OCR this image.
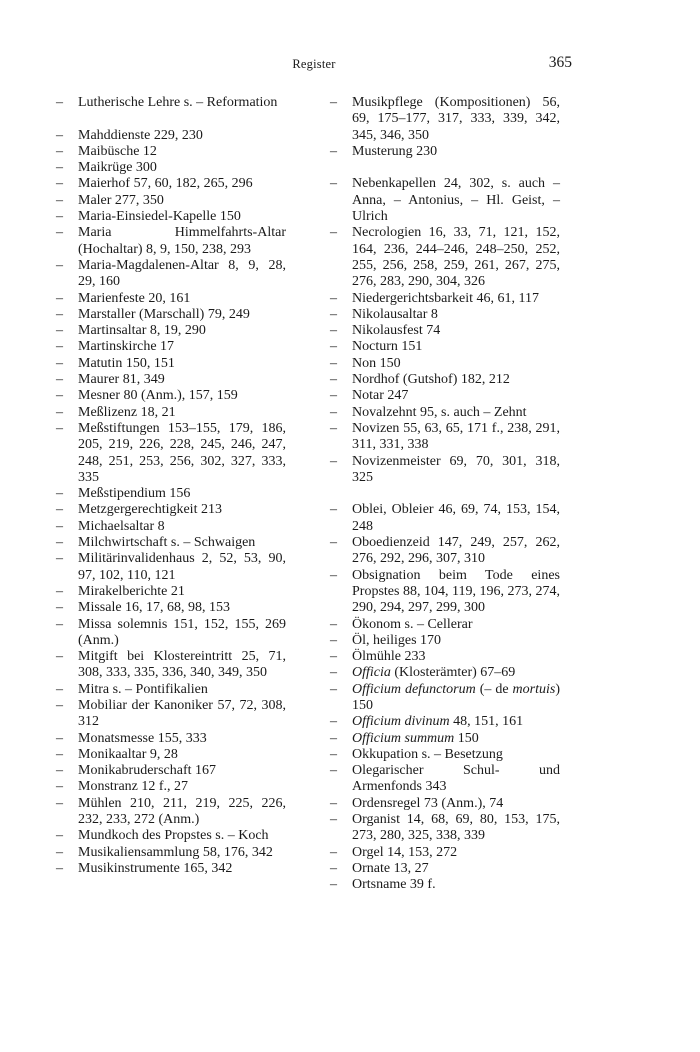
Register	365
– Lutherische Lehre s. – Reformation
– Mahddienste 229, 230
– Maibüsche 12
– Maikrüge 300
– Maierhof 57, 60, 182, 265, 296
– Maler 277, 350
– Maria-Einsiedel-Kapelle 150
– Maria Himmelfahrts-Altar (Hochaltar) 8, 9, 150, 238, 293
– Maria-Magdalenen-Altar 8, 9, 28, 29, 160
– Marienfeste 20, 161
– Marstaller (Marschall) 79, 249
– Martinsaltar 8, 19, 290
– Martinskirche 17
– Matutin 150, 151
– Maurer 81, 349
– Mesner 80 (Anm.), 157, 159
– Meßlizenz 18, 21
– Meßstiftungen 153–155, 179, 186, 205, 219, 226, 228, 245, 246, 247, 248, 251, 253, 256, 302, 327, 333, 335
– Meßstipendium 156
– Metzgergerechtigkeit 213
– Michaelsaltar 8
– Milchwirtschaft s. – Schwaigen
– Militärinvalidenhaus 2, 52, 53, 90, 97, 102, 110, 121
– Mirakelberichte 21
– Missale 16, 17, 68, 98, 153
– Missa solemnis 151, 152, 155, 269 (Anm.)
– Mitgift bei Klostereintritt 25, 71, 308, 333, 335, 336, 340, 349, 350
– Mitra s. – Pontifikalien
– Mobiliar der Kanoniker 57, 72, 308, 312
– Monatsmesse 155, 333
– Monikaaltar 9, 28
– Monikabruderschaft 167
– Monstranz 12 f., 27
– Mühlen 210, 211, 219, 225, 226, 232, 233, 272 (Anm.)
– Mundkoch des Propstes s. – Koch
– Musikaliensammlung 58, 176, 342
– Musikinstrumente 165, 342
– Musikpflege (Kompositionen) 56, 69, 175–177, 317, 333, 339, 342, 345, 346, 350
– Musterung 230
– Nebenkapellen 24, 302, s. auch – Anna, – Antonius, – Hl. Geist, – Ulrich
– Necrologien 16, 33, 71, 121, 152, 164, 236, 244–246, 248–250, 252, 255, 256, 258, 259, 261, 267, 275, 276, 283, 290, 304, 326
– Niedergerichtsbarkeit 46, 61, 117
– Nikolausaltar 8
– Nikolausfest 74
– Nocturn 151
– Non 150
– Nordhof (Gutshof) 182, 212
– Notar 247
– Novalzehnt 95, s. auch – Zehnt
– Novizen 55, 63, 65, 171 f., 238, 291, 311, 331, 338
– Novizenmeister 69, 70, 301, 318, 325
– Oblei, Obleier 46, 69, 74, 153, 154, 248
– Oboedienzeid 147, 249, 257, 262, 276, 292, 296, 307, 310
– Obsignation beim Tode eines Propstes 88, 104, 119, 196, 273, 274, 290, 294, 297, 299, 300
– Ökonom s. – Cellerar
– Öl, heiliges 170
– Ölmühle 233
– Officia (Klosterämter) 67–69
– Officium defunctorum (– de mortuis) 150
– Officium divinum 48, 151, 161
– Officium summum 150
– Okkupation s. – Besetzung
– Olegarischer Schul- und Armenfonds 343
– Ordensregel 73 (Anm.), 74
– Organist 14, 68, 69, 80, 153, 175, 273, 280, 325, 338, 339
– Orgel 14, 153, 272
– Ornate 13, 27
– Ortsname 39 f.
